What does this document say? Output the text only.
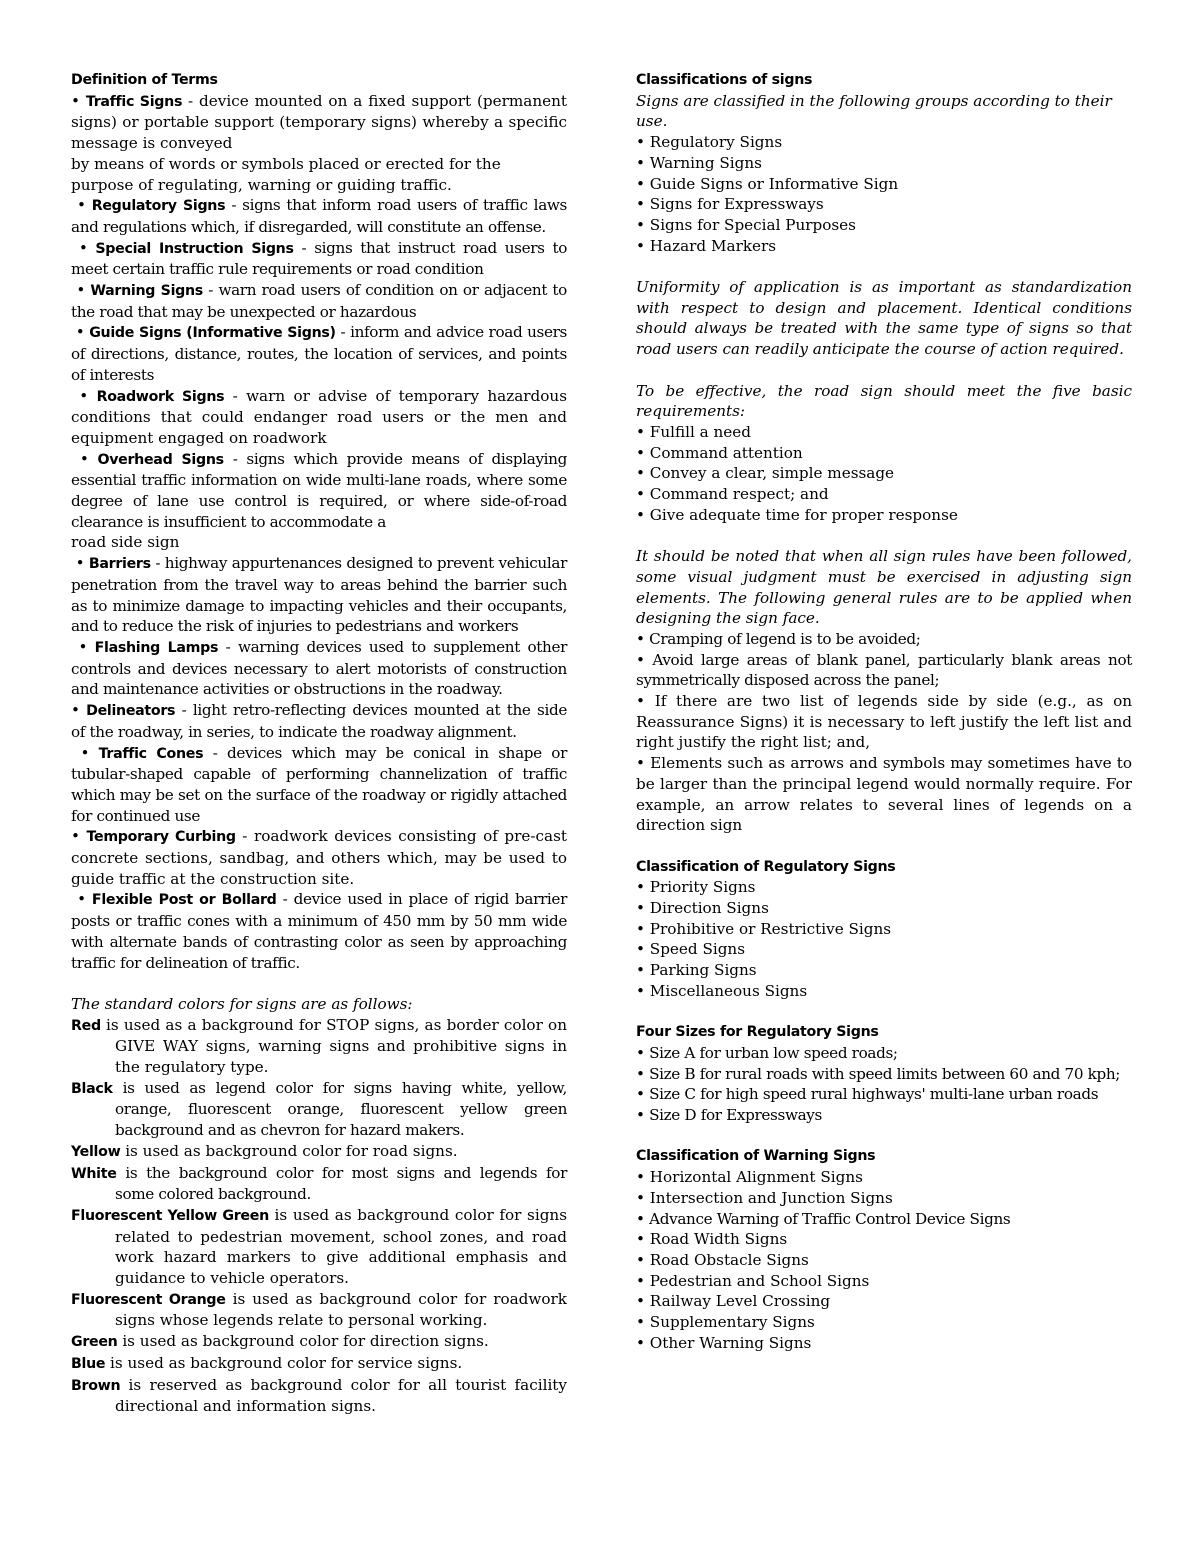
Definition of Terms

• Traffic Signs - device mounted on a fixed support (permanent signs) or portable support (temporary signs) whereby a specific message is conveyed

by means of words or symbols placed or erected for the purpose of regulating, warning or guiding traffic.

• Regulatory Signs - signs that inform road users of traffic laws and regulations which, if disregarded, will constitute an offense.

• Special Instruction Signs - signs that instruct road users to meet certain traffic rule requirements or road condition

• Warning Signs - warn road users of condition on or adjacent to the road that may be unexpected or hazardous

• Guide Signs (Informative Signs) - inform and advice road users of directions, distance, routes, the location of services, and points of interests

• Roadwork Signs - warn or advise of temporary hazardous conditions that could endanger road users or the men and equipment engaged on roadwork

• Overhead Signs - signs which provide means of displaying essential traffic information on wide multi-lane roads, where some degree of lane use control is required, or where side-of-road clearance is insufficient to accommodate a

road side sign

• Barriers - highway appurtenances designed to prevent vehicular penetration from the travel way to areas behind the barrier such as to minimize damage to impacting vehicles and their occupants, and to reduce the risk of injuries to pedestrians and workers

• Flashing Lamps - warning devices used to supplement other controls and devices necessary to alert motorists of construction and maintenance activities or obstructions in the roadway.

• Delineators - light retro-reflecting devices mounted at the side of the roadway, in series, to indicate the roadway alignment.

• Traffic Cones - devices which may be conical in shape or tubular-shaped capable of performing channelization of traffic which may be set on the surface of the roadway or rigidly attached for continued use

• Temporary Curbing - roadwork devices consisting of pre-cast concrete sections, sandbag, and others which, may be used to guide traffic at the construction site.

• Flexible Post or Bollard - device used in place of rigid barrier posts or traffic cones with a minimum of 450 mm by 50 mm wide with alternate bands of contrasting color as seen by approaching traffic for delineation of traffic.

The standard colors for signs are as follows:

Red is used as a background for STOP signs, as border color on GIVE WAY signs, warning signs and prohibitive signs in the regulatory type.

Black is used as legend color for signs having white, yellow, orange, fluorescent orange, fluorescent yellow green background and as chevron for hazard makers.

Yellow is used as background color for road signs.

White is the background color for most signs and legends for some colored background.

Fluorescent Yellow Green is used as background color for signs related to pedestrian movement, school zones, and road work hazard markers to give additional emphasis and guidance to vehicle operators.

Fluorescent Orange is used as background color for roadwork signs whose legends relate to personal working.

Green is used as background color for direction signs.

Blue is used as background color for service signs.

Brown is reserved as background color for all tourist facility directional and information signs.

Classifications of signs

Signs are classified in the following groups according to their use.

• Regulatory Signs

• Warning Signs

• Guide Signs or Informative Sign

• Signs for Expressways

• Signs for Special Purposes

• Hazard Markers

Uniformity of application is as important as standardization with respect to design and placement. Identical conditions should always be treated with the same type of signs so that road users can readily anticipate the course of action required.

To be effective, the road sign should meet the five basic requirements:

• Fulfill a need

• Command attention

• Convey a clear, simple message

• Command respect; and

• Give adequate time for proper response

It should be noted that when all sign rules have been followed, some visual judgment must be exercised in adjusting sign elements. The following general rules are to be applied when designing the sign face.

• Cramping of legend is to be avoided;

• Avoid large areas of blank panel, particularly blank areas not symmetrically disposed across the panel;

• If there are two list of legends side by side (e.g., as on Reassurance Signs) it is necessary to left justify the left list and right justify the right list; and,

• Elements such as arrows and symbols may sometimes have to be larger than the principal legend would normally require. For example, an arrow relates to several lines of legends on a direction sign

Classification of Regulatory Signs

• Priority Signs

• Direction Signs

• Prohibitive or Restrictive Signs

• Speed Signs

• Parking Signs

• Miscellaneous Signs

Four Sizes for Regulatory Signs

• Size A for urban low speed roads;

• Size B for rural roads with speed limits between 60 and 70 kph;

• Size C for high speed rural highways' multi-lane urban roads

• Size D for Expressways

Classification of Warning Signs

• Horizontal Alignment Signs

• Intersection and Junction Signs

• Advance Warning of Traffic Control Device Signs

• Road Width Signs

• Road Obstacle Signs

• Pedestrian and School Signs

• Railway Level Crossing

• Supplementary Signs

• Other Warning Signs
